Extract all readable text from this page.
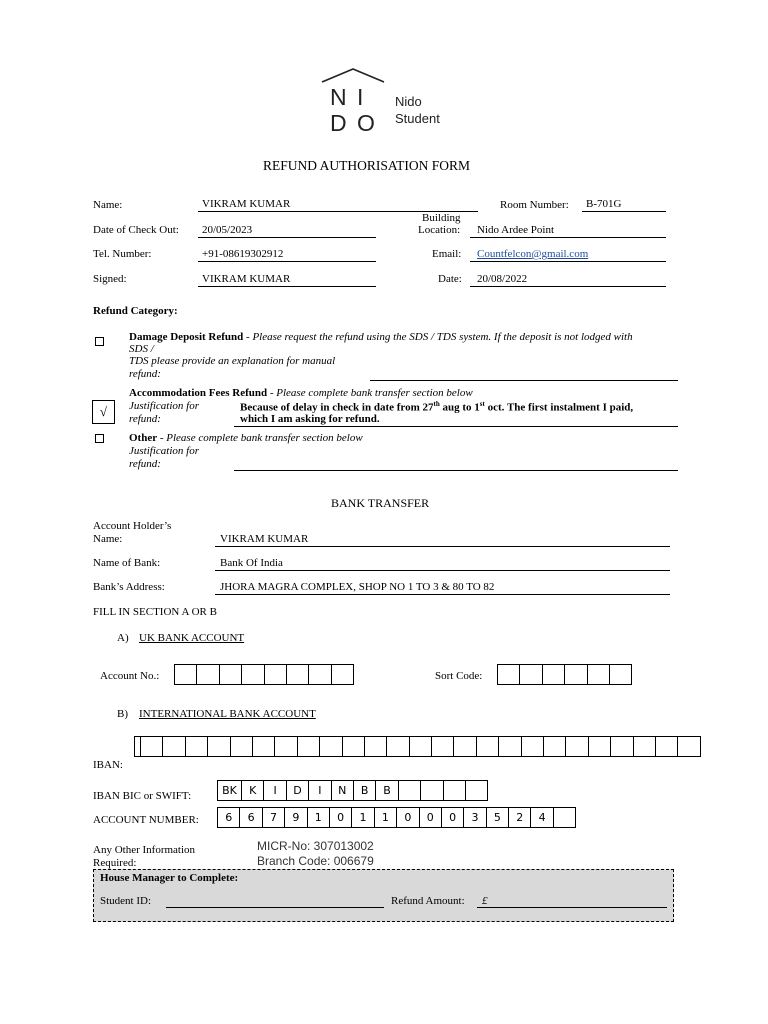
N I
D O
Nido
Student
REFUND AUTHORISATION FORM
Name:	VIKRAM KUMAR	Room Number: B-701G
Date of Check Out: 20/05/2023
Building
Location: Nido Ardee Point
Tel. Number:	+91-08619302912	Email: Countfelcon@gmail.com
Signed:	VIKRAM KUMAR	Date: 20/08/2022
Refund Category:
Damage Deposit Refund - Please request the refund using the SDS / TDS system. If the deposit is not lodged with
SDS /
TDS please provide an explanation for manual
refund:
Accommodation Fees Refund - Please complete bank transfer section below
√	Justification for
refund:
Because of delay in check in date from 27th aug to 1st oct. The first instalment I paid,
which I am asking for refund.
Other - Please complete bank transfer section below
Justification for
refund:
BANK TRANSFER
Account Holder’s
Name:	VIKRAM KUMAR
Name of Bank:	Bank Of India
Bank’s Address:	JHORA MAGRA COMPLEX, SHOP NO 1 TO 3 & 80 TO 82
FILL IN SECTION A OR B
A) UK BANK ACCOUNT
Account No.:	Sort Code:
B) INTERNATIONAL BANK ACCOUNT
IBAN:
IBAN BIC or SWIFT:	BK	K	I	D	I	N	B	B
ACCOUNT NUMBER:	6	6	7	9	1	0	1	1	0	0	0	3	5	2	4
Any Other Information
Required:
MICR-No: 307013002
Branch Code: 006679
House Manager to Complete:
Student ID:	Refund Amount: £
